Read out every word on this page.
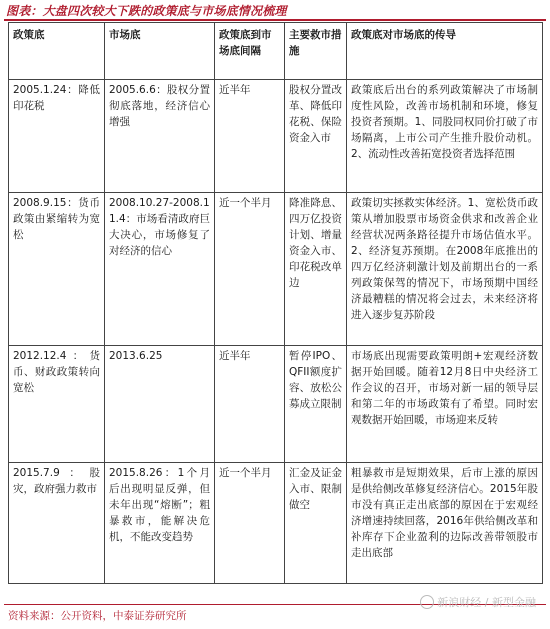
图表：大盘四次较大下跌的政策底与市场底情况梳理
政策底	市场底	政策底到市场底间隔	主要救市措施	政策底对市场底的传导
2005.1.24：降低印花税	2005.6.6：股权分置彻底落地，经济信心增强	近半年	股权分置改革、降低印花税、保险资金入市	政策底后出台的系列政策解决了市场制度性风险，改善市场机制和环境，修复投资者预期。1、同股同权同价打破了市场隔离，上市公司产生推升股价动机。2、流动性改善拓宽投资者选择范围
2008.9.15：货币政策由紧缩转为宽松	2008.10.27-2008.11.4：市场看清政府巨大决心，市场修复了对经济的信心	近一个半月	降准降息、四万亿投资计划、增量资金入市、印花税改单边	政策切实拯救实体经济。1、宽松货币政策从增加股票市场资金供求和改善企业经营状况两条路径提升市场估值水平。2、经济复苏预期。在2008年底推出的四万亿经济刺激计划及前期出台的一系列政策保驾的情况下，市场预期中国经济最糟糕的情况将会过去，未来经济将进入逐步复苏阶段
2012.12.4：货币、财政政策转向宽松	2013.6.25	近半年	暂停IPO、QFII额度扩容、放松公募成立限制	市场底出现需要政策明朗+宏观经济数据开始回暖。随着12月8日中央经济工作会议的召开，市场对新一届的领导层和第二年的市场政策有了希望。同时宏观数据开始回暖，市场迎来反转
2015.7.9：股灾，政府强力救市	2015.8.26：1个月后出现明显反弹，但未年出现“熔断”；粗暴救市，能解决危机，不能改变趋势	近一个半月	汇金及证金入市、限制做空	粗暴救市是短期效果，后市上涨的原因是供给侧改革修复经济信心。2015年股市没有真正走出底部的原因在于宏观经济增速持续回落，2016年供给侧改革和补库存下企业盈利的边际改善带领股市走出底部
资料来源：公开资料，中泰证券研究所
新浪财经 / 新型金融
